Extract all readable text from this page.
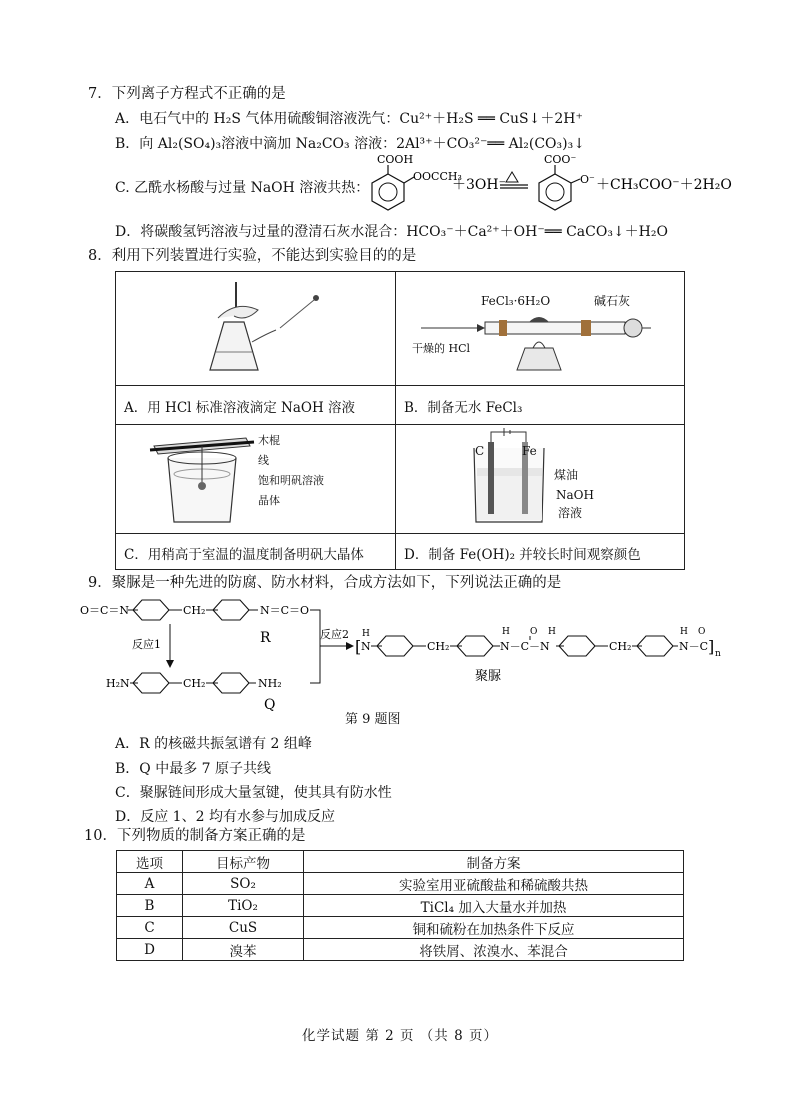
7．下列离子方程式不正确的是
A．电石气中的 H₂S 气体用硫酸铜溶液洗气：Cu²⁺＋H₂S ══ CuS↓＋2H⁺
B．向 Al₂(SO₄)₃溶液中滴加 Na₂CO₃ 溶液：2Al³⁺＋CO₃²⁻══ Al₂(CO₃)₃↓
C. 乙酰水杨酸与过量 NaOH 溶液共热：
COOH
OOCCH₃
＋3OH⁻
COO⁻
O⁻ ＋CH₃COO⁻＋2H₂O
D．将碳酸氢钙溶液与过量的澄清石灰水混合：HCO₃⁻＋Ca²⁺＋OH⁻══ CaCO₃↓＋H₂O
8．利用下列装置进行实验，不能达到实验目的的是
FeCl₃·6H₂O	碱石灰
干燥的 HCl
木棍
线
饱和明矾溶液
晶体
C	Fe
煤油
NaOH
溶液
A．用 HCl 标准溶液滴定 NaOH 溶液	B．制备无水 FeCl₃
C．用稍高于室温的温度制备明矾大晶体	D．制备 Fe(OH)₂ 并较长时间观察颜色
9．聚脲是一种先进的防腐、防水材料，合成方法如下，下列说法正确的是
O＝C＝N	CH₂	N＝C＝O
R
反应1
H₂N	CH₂	NH₂
Q
反应2
[
H
N	CH₂
H
N－C－N
O H
CH₂
H
N－C
O
] n
聚脲
第 9 题图
A．R 的核磁共振氢谱有 2 组峰
B．Q 中最多 7 原子共线
C．聚脲链间形成大量氢键，使其具有防水性
D．反应 1、2 均有水参与加成反应
10．下列物质的制备方案正确的是
选项	目标产物	制备方案
A	SO₂	实验室用亚硫酸盐和稀硫酸共热
B	TiO₂	TiCl₄ 加入大量水并加热
C	CuS	铜和硫粉在加热条件下反应
D	溴苯	将铁屑、浓溴水、苯混合
化学试题 第 2 页 （共 8 页）
